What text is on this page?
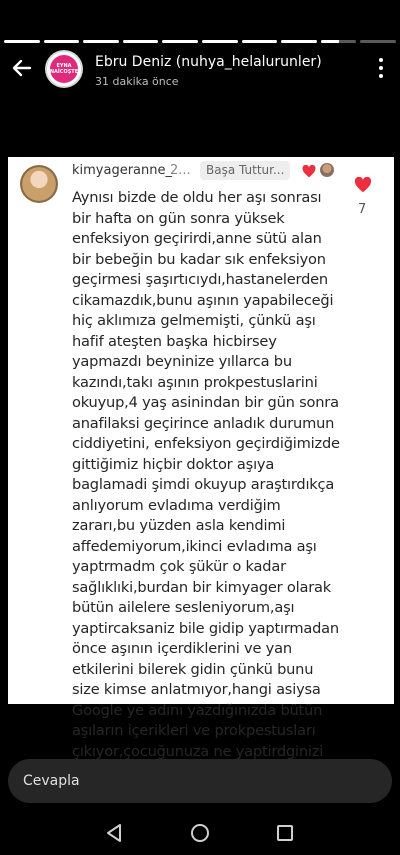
EYNA
NAİCOŞTE
Ebru Deniz (nuhya_helalurunler)
31 dakika önce
kimyageranne_
2...	Başa Tuttur...
7
Aynısı bizde de oldu her aşı sonrası bir hafta on gün sonra yüksek enfeksiyon geçirirdi,anne sütü alan bir bebeğin bu kadar sık enfeksiyon geçirmesi şaşırtıcıydı,hastanelerden cikamazdık,bunu aşının yapabileceği hiç aklımıza gelmemişti, çünkü aşı hafif ateşten başka hicbirsey yapmazdı beyninize yıllarca bu kazındı,takı aşının prokpestuslarini okuyup,4 yaş asinindan bir gün sonra anafilaksi geçirince anladık durumun ciddiyetini, enfeksiyon geçirdiğimizde gittiğimiz hiçbir doktor aşıya baglamadi şimdi okuyup araştırdıkça anlıyorum evladıma verdiğim zararı,bu yüzden asla kendimi affedemiyorum,ikinci evladıma aşı yaptrmadm çok şükür o kadar sağlıklıki,burdan bir kimyager olarak bütün ailelere sesleniyorum,aşı yaptircaksaniz bile gidip yaptırmadan önce aşının içerdiklerini ve yan etkilerini bilerek gidin çünkü bunu size kimse anlatmıyor,hangi asiysa Google ye adını yazdığınızda bütün aşıların içerikleri ve prokpestusları çıkıyor,çocuğunuza ne yaptirdginizi
Cevapla
